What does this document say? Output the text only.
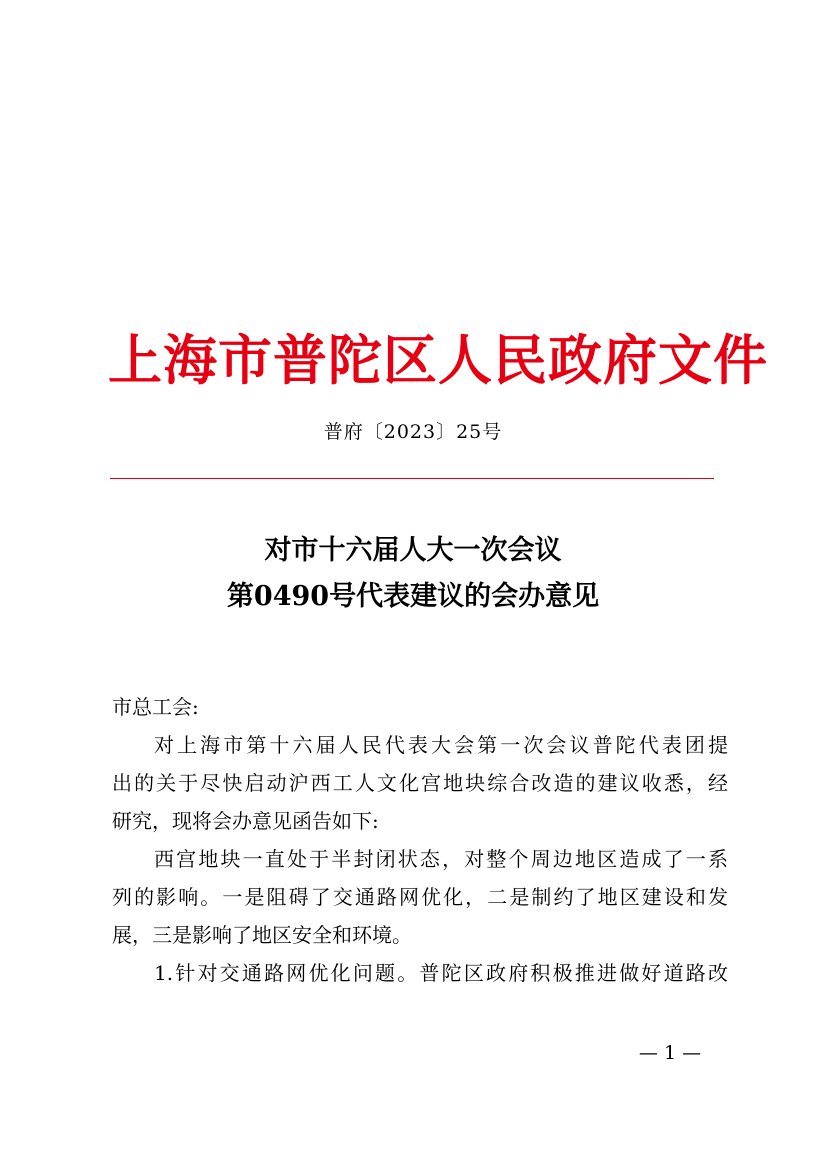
上海市普陀区人民政府文件
普府〔2023〕25号
对市十六届人大一次会议
第0490号代表建议的会办意见
市总工会:
对上海市第十六届人民代表大会第一次会议普陀代表团提
出的关于尽快启动沪西工人文化宫地块综合改造的建议收悉，经
研究，现将会办意见函告如下:
西宫地块一直处于半封闭状态，对整个周边地区造成了一系
列的影响。一是阻碍了交通路网优化，二是制约了地区建设和发
展，三是影响了地区安全和环境。
1.针对交通路网优化问题。普陀区政府积极推进做好道路改
— 1 —
